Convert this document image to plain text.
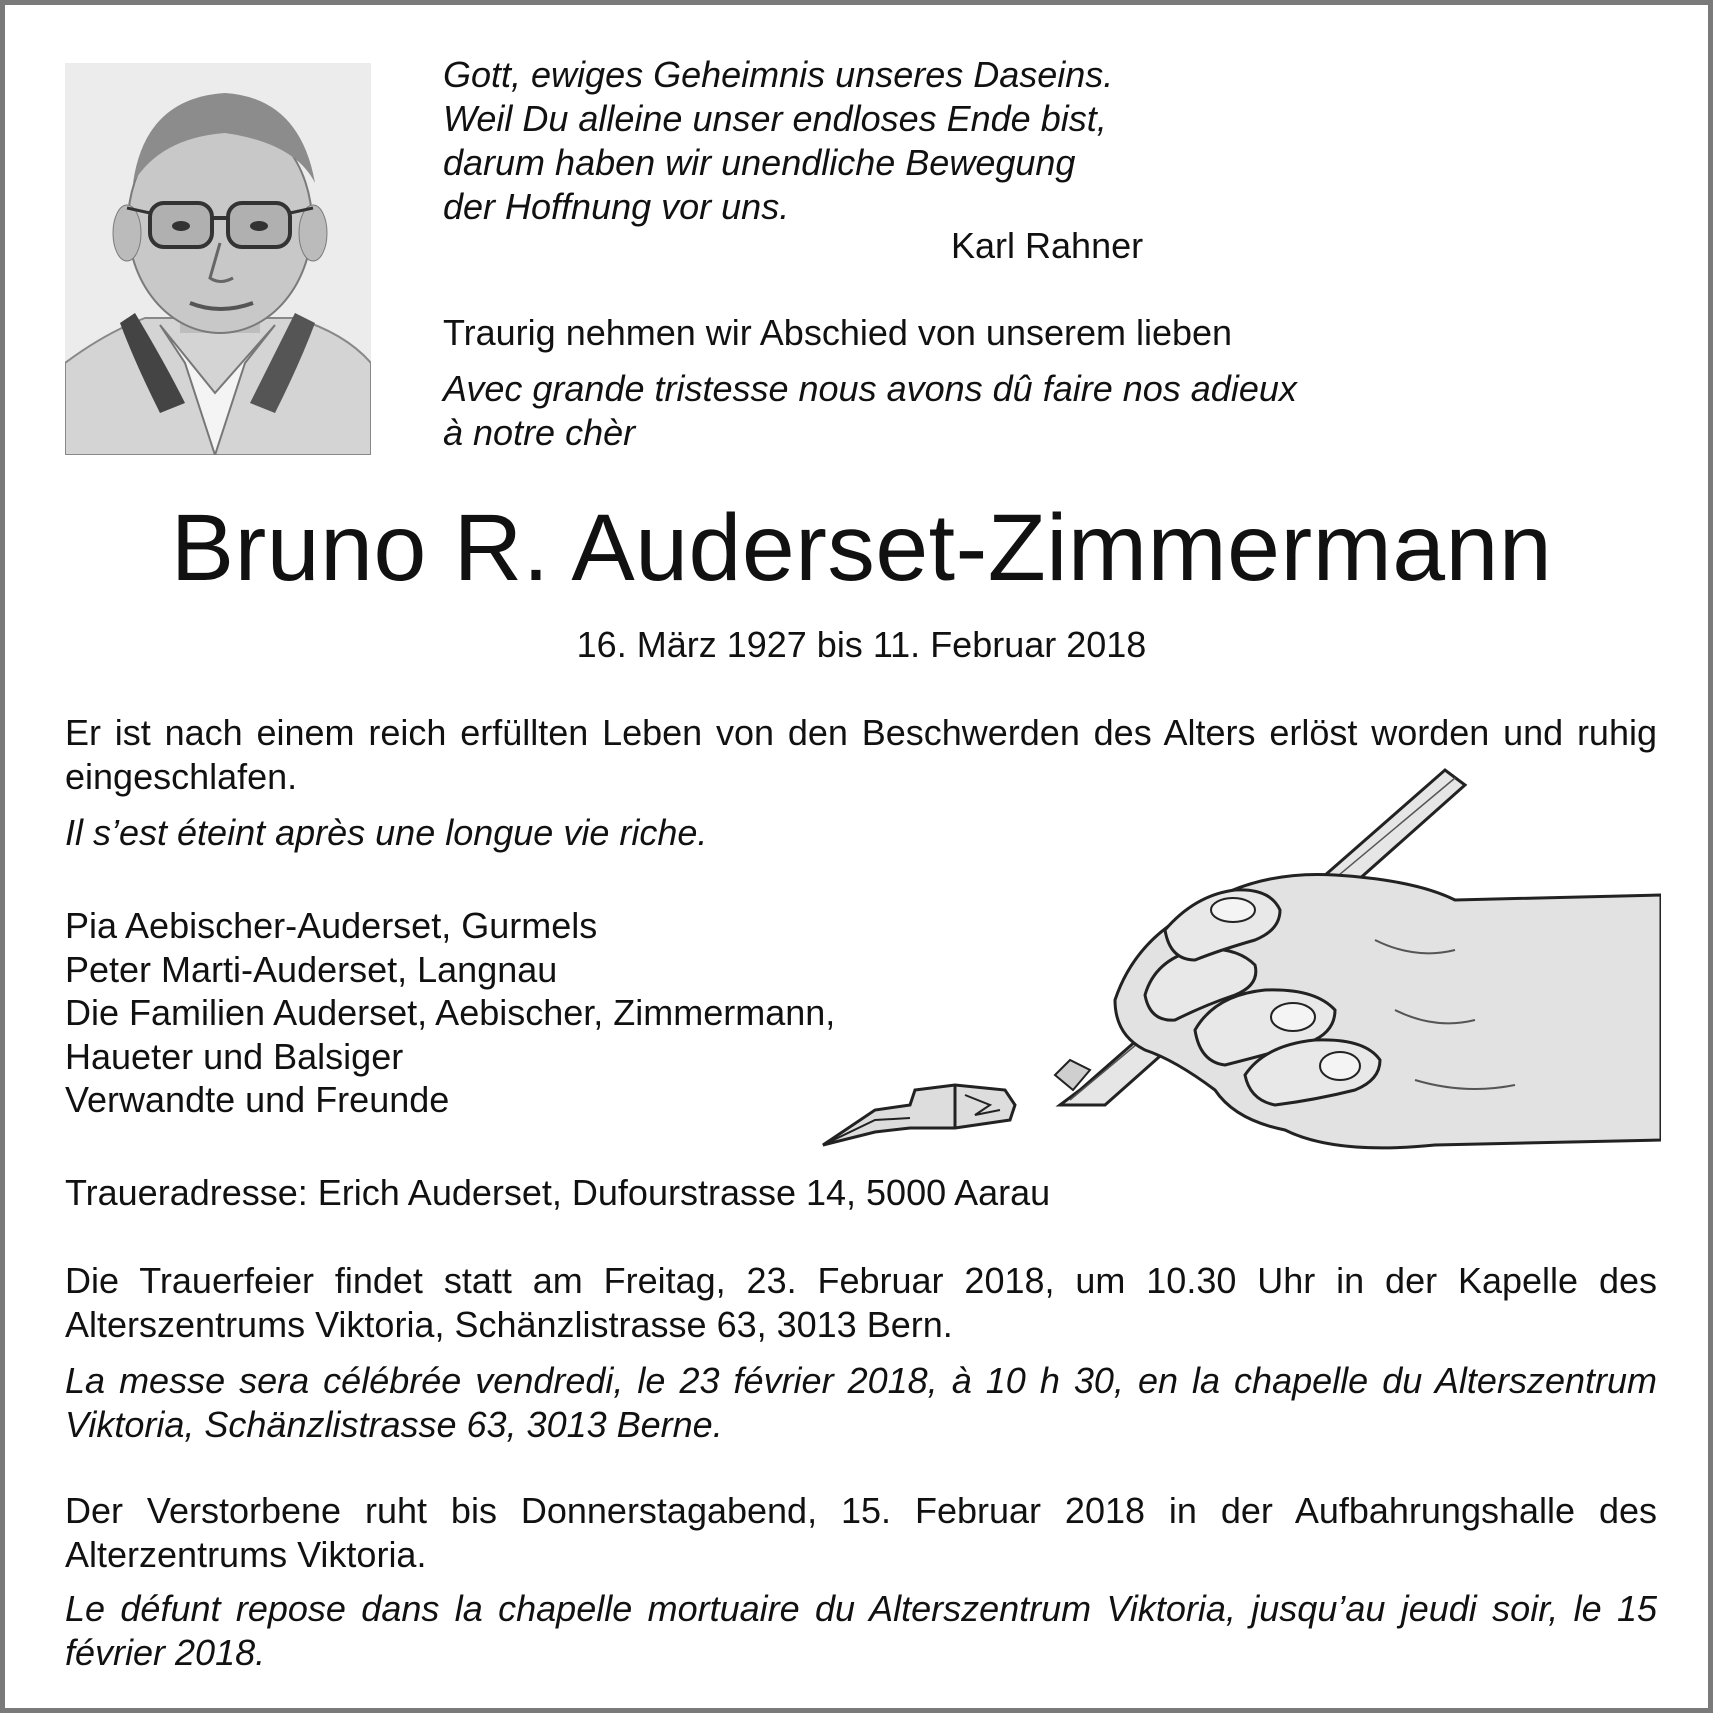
Gott, ewiges Geheimnis unseres Daseins.
Weil Du alleine unser endloses Ende bist,
darum haben wir unendliche Bewegung
der Hoffnung vor uns.
Karl Rahner
Traurig nehmen wir Abschied von unserem lieben
Avec grande tristesse nous avons dû faire nos adieux
à notre chèr
Bruno R. Auderset-Zimmermann
16. März 1927 bis 11. Februar 2018
Er ist nach einem reich erfüllten Leben von den Beschwerden des Alters erlöst worden und ruhig eingeschlafen.
Il s’est éteint après une longue vie riche.
Pia Aebischer-Auderset, Gurmels
Peter Marti-Auderset, Langnau
Die Familien Auderset, Aebischer, Zimmermann,
Haueter und Balsiger
Verwandte und Freunde
Traueradresse: Erich Auderset, Dufourstrasse 14, 5000 Aarau
Die Trauerfeier findet statt am Freitag, 23. Februar 2018, um 10.30 Uhr in der Kapelle des Alterszentrums Viktoria, Schänzlistrasse 63, 3013 Bern.
La messe sera célébrée vendredi, le 23 février 2018, à 10 h 30, en la chapelle du Alterszentrum Viktoria, Schänzlistrasse 63, 3013 Berne.
Der Verstorbene ruht bis Donnerstagabend, 15. Februar 2018 in der Aufbahrungshalle des Alterzentrums Viktoria.
Le défunt repose dans la chapelle mortuaire du Alterszentrum Viktoria, jusqu’au jeudi soir, le 15 février 2018.
